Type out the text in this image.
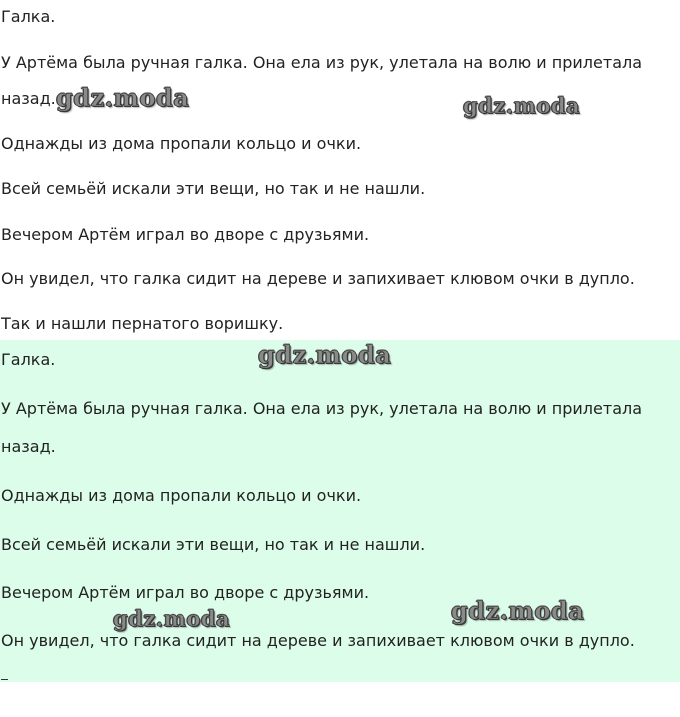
Галка.

У Артёма была ручная галка. Она ела из рук, улетала на волю и прилетала

назад.

Однажды из дома пропали кольцо и очки.

Всей семьёй искали эти вещи, но так и не нашли.

Вечером Артём играл во дворе с друзьями.

Он увидел, что галка сидит на дереве и запихивает клювом очки в дупло.

Так и нашли пернатого воришку.

Галка.

У Артёма была ручная галка. Она ела из рук, улетала на волю и прилетала

назад.

Однажды из дома пропали кольцо и очки.

Всей семьёй искали эти вещи, но так и не нашли.

Вечером Артём играл во дворе с друзьями.

Он увидел, что галка сидит на дереве и запихивает клювом очки в дупло.

gdz.moda	gdz.moda
gdz.moda
gdz.moda	gdz.moda
